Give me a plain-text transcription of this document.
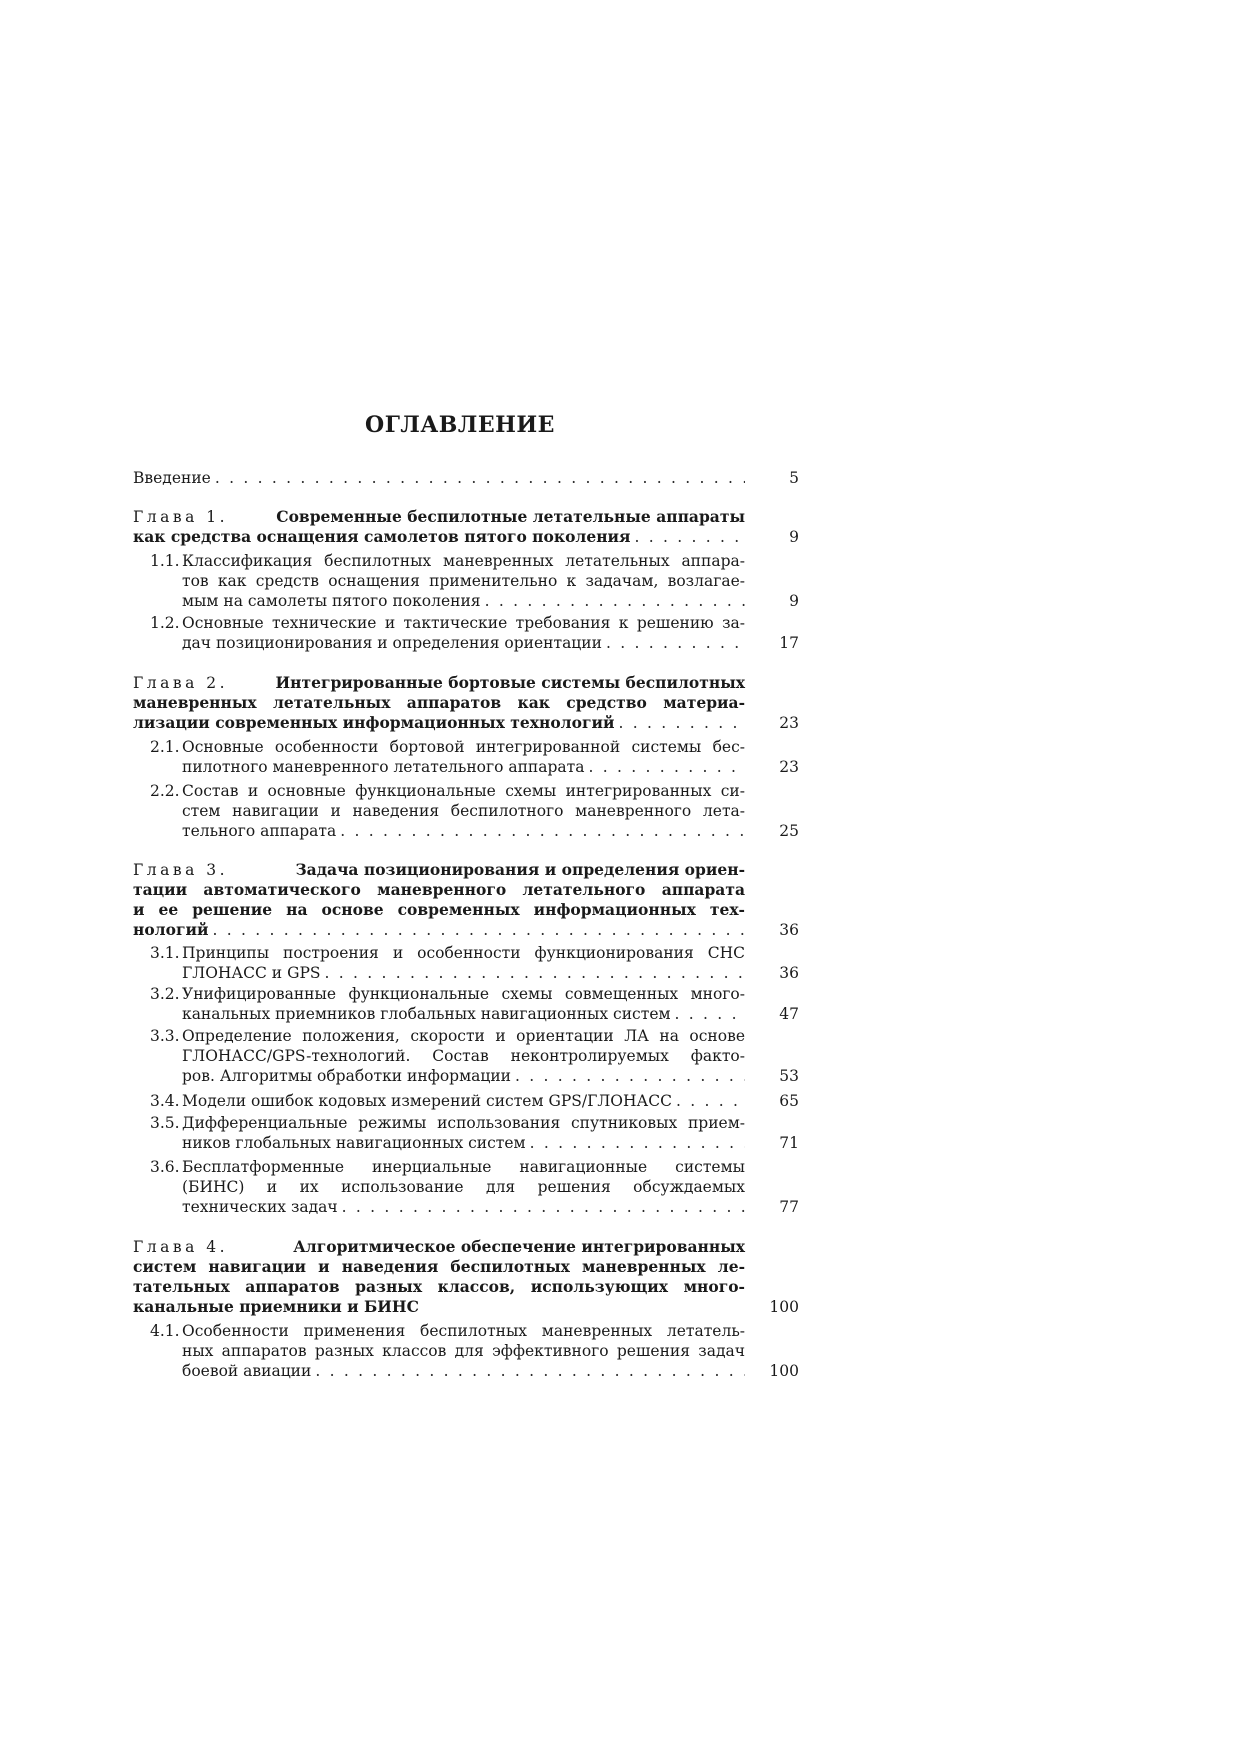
ОГЛАВЛЕНИЕ
Введение . . .	5
Глава 1.	Современные беспилотные летательные аппараты
как средства оснащения самолетов пятого поколения . . .	9
1.1. Классификация беспилотных маневренных летательных аппара-
тов как средств оснащения применительно к задачам, возлагае-
мым на самолеты пятого поколения . . .	9
1.2. Основные технические и тактические требования к решению за-
дач позиционирования и определения ориентации . . .	17
Глава 2.	Интегрированные бортовые системы беспилотных
маневренных летательных аппаратов как средство материа-
лизации современных информационных технологий . . .	23
2.1. Основные особенности бортовой интегрированной системы бес-
пилотного маневренного летательного аппарата . . .	23
2.2. Состав и основные функциональные схемы интегрированных си-
стем навигации и наведения беспилотного маневренного лета-
тельного аппарата . . .	25
Глава 3.	Задача позиционирования и определения ориен-
тации автоматического маневренного летательного аппарата
и ее решение на основе современных информационных тех-
нологий . . .	36
3.1. Принципы построения и особенности функционирования СНС
ГЛОНАСС и GPS . . .	36
3.2. Унифицированные функциональные схемы совмещенных много-
канальных приемников глобальных навигационных систем . . .	47
3.3. Определение положения, скорости и ориентации ЛА на основе
ГЛОНАСС/GPS-технологий. Состав неконтролируемых факто-
ров. Алгоритмы обработки информации . . .	53
3.4. Модели ошибок кодовых измерений систем GPS/ГЛОНАСС . . .	65
3.5. Дифференциальные режимы использования спутниковых прием-
ников глобальных навигационных систем . . .	71
3.6. Бесплатформенные инерциальные навигационные системы
(БИНС) и их использование для решения обсуждаемых
технических задач . . .	77
Глава 4.	Алгоритмическое обеспечение интегрированных
систем навигации и наведения беспилотных маневренных ле-
тательных аппаратов разных классов, использующих много-
канальные приемники и БИНС	100
4.1. Особенности применения беспилотных маневренных летатель-
ных аппаратов разных классов для эффективного решения задач
боевой авиации . . .	100
